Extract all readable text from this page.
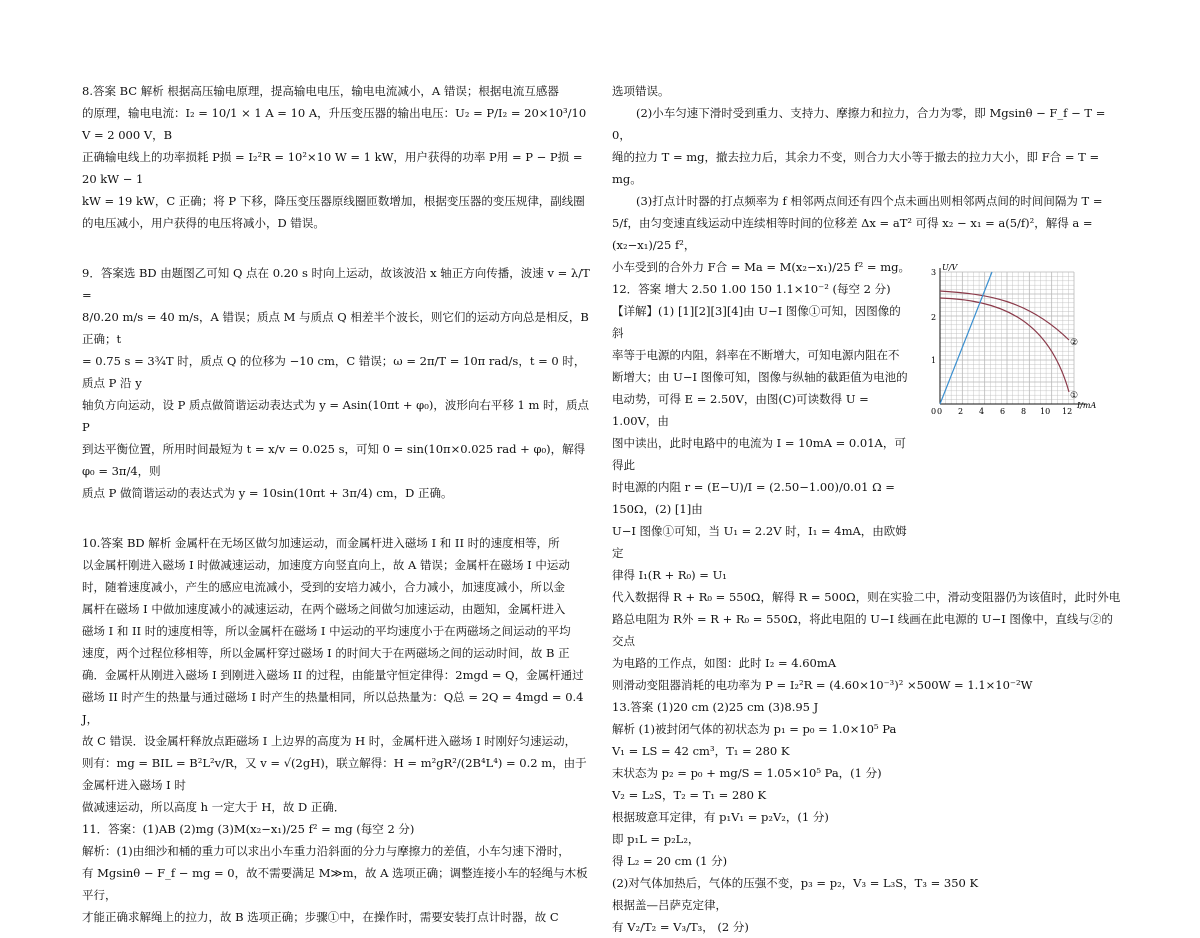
8.答案 BC 解析 根据高压输电原理，提高输电电压，输电电流减小，A 错误；根据电流互感器

的原理，输电电流：I₂ = 10/1 × 1 A = 10 A，升压变压器的输出电压：U₂ = P/I₂ = 20×10³/10 V = 2 000 V，B

正确输电线上的功率损耗 P损 = I₂²R = 10²×10 W = 1 kW，用户获得的功率 P用 = P − P损 = 20 kW − 1

kW = 19 kW，C 正确；将 P 下移，降压变压器原线圈匝数增加，根据变压器的变压规律，副线圈

的电压减小，用户获得的电压将减小，D 错误。

9．答案选 BD 由题图乙可知 Q 点在 0.20 s 时向上运动，故该波沿 x 轴正方向传播，波速 v = λ/T =

8/0.20 m/s = 40 m/s，A 错误；质点 M 与质点 Q 相差半个波长，则它们的运动方向总是相反，B 正确；t

= 0.75 s = 3¾T 时，质点 Q 的位移为 −10 cm，C 错误；ω = 2π/T = 10π rad/s，t = 0 时，质点 P 沿 y

轴负方向运动，设 P 质点做简谐运动表达式为 y = Asin(10πt + φ₀)，波形向右平移 1 m 时，质点 P

到达平衡位置，所用时间最短为 t = x/v = 0.025 s，可知 0 = sin(10π×0.025 rad + φ₀)，解得 φ₀ = 3π/4，则

质点 P 做简谐运动的表达式为 y = 10sin(10πt + 3π/4) cm，D 正确。

10.答案 BD 解析 金属杆在无场区做匀加速运动，而金属杆进入磁场 I 和 II 时的速度相等，所

以金属杆刚进入磁场 I 时做减速运动，加速度方向竖直向上，故 A 错误；金属杆在磁场 I 中运动

时，随着速度减小，产生的感应电流减小，受到的安培力减小，合力减小，加速度减小，所以金

属杆在磁场 I 中做加速度减小的减速运动，在两个磁场之间做匀加速运动，由题知，金属杆进入

磁场 I 和 II 时的速度相等，所以金属杆在磁场 I 中运动的平均速度小于在两磁场之间运动的平均

速度，两个过程位移相等，所以金属杆穿过磁场 I 的时间大于在两磁场之间的运动时间，故 B 正

确．金属杆从刚进入磁场 I 到刚进入磁场 II 的过程，由能量守恒定律得：2mgd = Q，金属杆通过

磁场 II 时产生的热量与通过磁场 I 时产生的热量相同，所以总热量为：Q总 = 2Q = 4mgd = 0.4 J，

故 C 错误．设金属杆释放点距磁场 I 上边界的高度为 H 时，金属杆进入磁场 I 时刚好匀速运动，

则有：mg = BIL = B²L²v/R，又 v = √(2gH)，联立解得：H = m²gR²/(2B⁴L⁴) = 0.2 m，由于金属杆进入磁场 I 时

做减速运动，所以高度 h 一定大于 H，故 D 正确．

11．答案：(1)AB (2)mg (3)M(x₂−x₁)/25 f² = mg (每空 2 分)

解析：(1)由细沙和桶的重力可以求出小车重力沿斜面的分力与摩擦力的差值，小车匀速下滑时，

有 Mgsinθ − F_f − mg = 0，故不需要满足 M≫m，故 A 选项正确；调整连接小车的轻绳与木板平行，

才能正确求解绳上的拉力，故 B 选项正确；步骤①中，在操作时，需要安装打点计时器，故 C

选项错误。

(2)小车匀速下滑时受到重力、支持力、摩擦力和拉力，合力为零，即 Mgsinθ − F_f − T = 0，

绳的拉力 T = mg，撤去拉力后，其余力不变，则合力大小等于撤去的拉力大小，即 F合 = T = mg。

(3)打点计时器的打点频率为 f 相邻两点间还有四个点未画出则相邻两点间的时间间隔为 T =

5/f，由匀变速直线运动中连续相等时间的位移差 Δx = aT² 可得 x₂ − x₁ = a(5/f)²，解得 a = (x₂−x₁)/25 f²，

小车受到的合外力 F合 = Ma = M(x₂−x₁)/25 f² = mg。

12．答案 增大 2.50 1.00 150 1.1×10⁻² (每空 2 分)

【详解】(1) [1][2][3][4]由 U−I 图像①可知，因图像的斜

率等于电源的内阻，斜率在不断增大，可知电源内阻在不

断增大；由 U−I 图像可知，图像与纵轴的截距值为电池的

电动势，可得 E = 2.50V，由图(C)可读数得 U = 1.00V，由

图中读出，此时电路中的电流为 I = 10mA = 0.01A，可得此

时电源的内阻 r = (E−U)/I = (2.50−1.00)/0.01 Ω = 150Ω，(2) [1]由

U−I 图像①可知，当 U₁ = 2.2V 时，I₁ = 4mA，由欧姆定

律得 I₁(R + R₀) = U₁

代入数据得 R + R₀ = 550Ω，解得 R = 500Ω，则在实验二中，滑动变阻器仍为该值时，此时外电

路总电阻为 R外 = R + R₀ = 550Ω，将此电阻的 U−I 线画在此电源的 U−I 图像中，直线与②的交点

为电路的工作点，如图：此时 I₂ = 4.60mA

则滑动变阻器消耗的电功率为 P = I₂²R = (4.60×10⁻³)² ×500W = 1.1×10⁻²W

13.答案 (1)20 cm (2)25 cm (3)8.95 J

解析 (1)被封闭气体的初状态为 p₁ = p₀ = 1.0×10⁵ Pa

V₁ = LS = 42 cm³，T₁ = 280 K

末状态为 p₂ = p₀ + mg/S = 1.05×10⁵ Pa，(1 分)

V₂ = L₂S，T₂ = T₁ = 280 K

根据玻意耳定律，有 p₁V₁ = p₂V₂，(1 分)

即 p₁L = p₂L₂，

得 L₂ = 20 cm (1 分)

(2)对气体加热后，气体的压强不变，p₃ = p₂，V₃ = L₃S，T₃ = 350 K

根据盖—吕萨克定律，

有 V₂/T₂ = V₃/T₃， (2 分)

U/V
I/mA
0
1
2
3
0 2 4 6 8 10 12
②
①
